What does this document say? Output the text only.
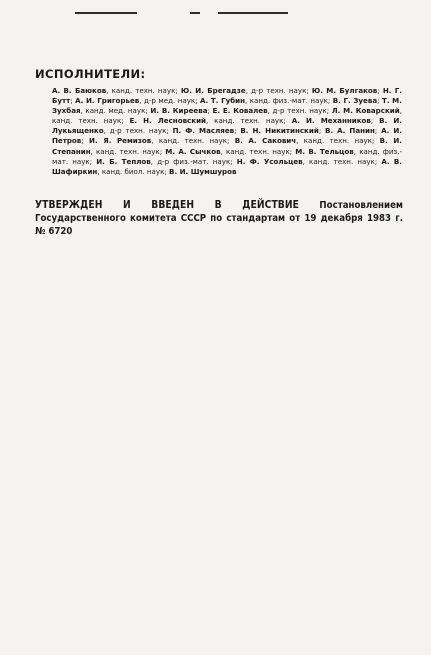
ИСПОЛНИТЕЛИ:

А. В. Баюков, канд. техн. наук; Ю. И. Брегадзе, д-р техн. наук; Ю. М. Булгаков; Н. Г. Бутт; А. И. Григорьев, д-р мед. наук; А. Т. Губин, канд. физ.-мат. наук; В. Г. Зуева; Т. М. Зухбая, канд. мед. наук; И. В. Киреева; Е. Е. Ковалев, д-р техн. наук; Л. М. Коварский, канд. техн. наук; Е. Н. Лесновский, канд. техн. наук; А. И. Механников; В. И. Лукьященко, д-р техн. наук; П. Ф. Масляев; В. Н. Никитинский; В. А. Панин; А. И. Петров; И. Я. Ремизов, канд. техн. наук; В. А. Сакович, канд. техн. наук; В. И. Степанин, канд. техн. наук; М. А. Сычков, канд. техн. наук; М. В. Тельцов, канд. физ.-мат. наук; И. Б. Теплов, д-р физ.-мат. наук; Н. Ф. Усольцев, канд. техн. наук; А. В. Шафиркин, канд. биол. наук; В. И. Шумшуров

УТВЕРЖДЕН И ВВЕДЕН В ДЕЙСТВИЕ Постановлением Государственного комитета СССР по стандартам от 19 декабря 1983 г. № 6720
